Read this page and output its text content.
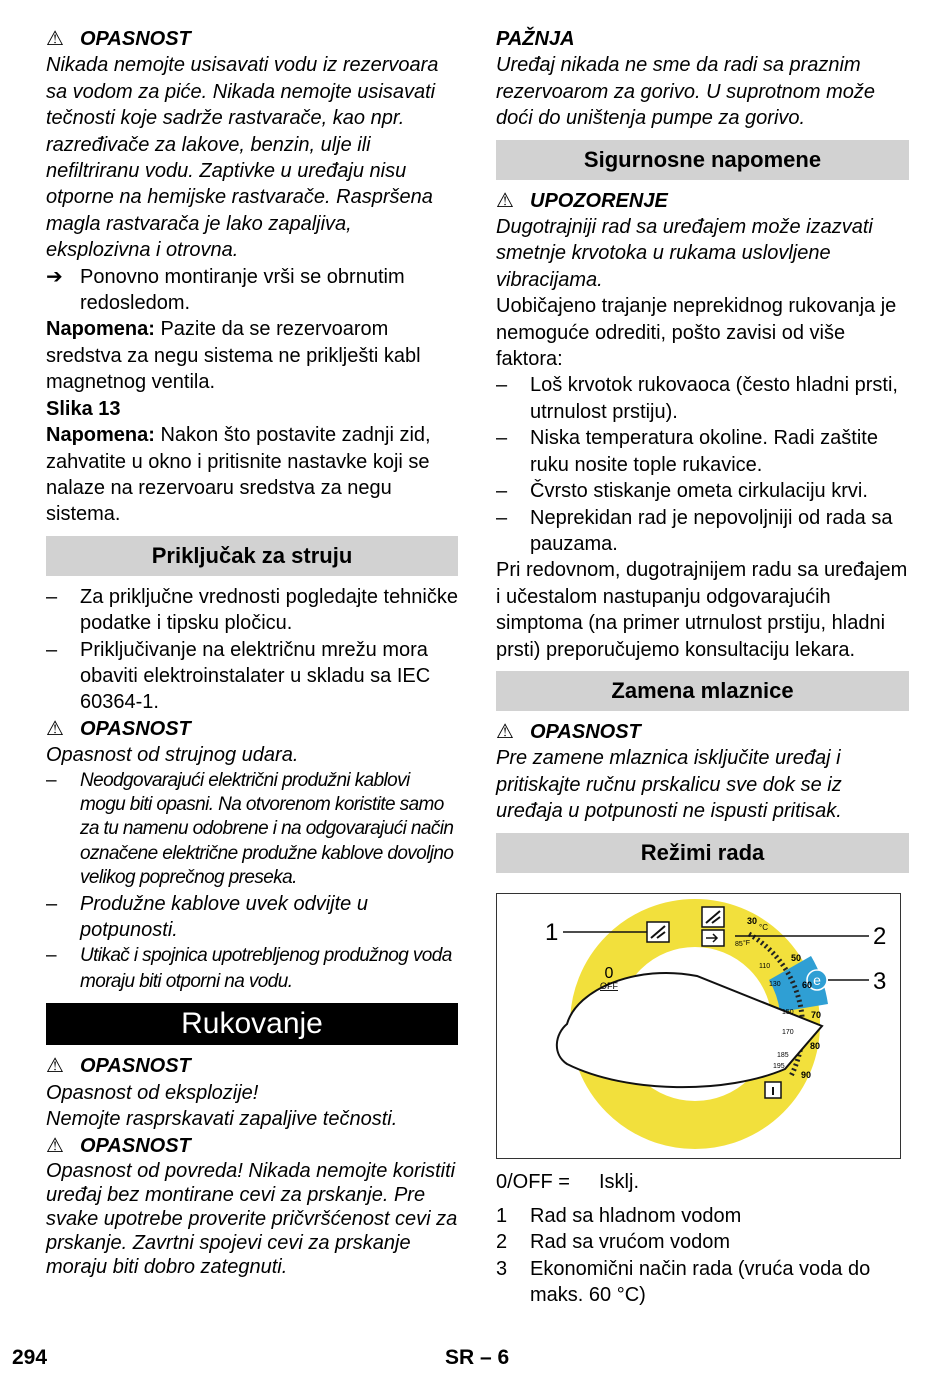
⚠ OPASNOST

Nikada nemojte usisavati vodu iz rezervoara sa vodom za piće. Nikada nemojte usisavati tečnosti koje sadrže rastvarače, kao npr. razređivače za lakove, benzin, ulje ili nefiltriranu vodu. Zaptivke u uređaju nisu otporne na hemijske rastvarače. Raspršena magla rastvarača je lako zapaljiva, eksplozivna i otrovna.

➔ Ponovno montiranje vrši se obrnutim redosledom.

Napomena: Pazite da se rezervoarom sredstva za negu sistema ne priklješti kabl magnetnog ventila.

Slika 13

Napomena: Nakon što postavite zadnji zid, zahvatite u okno i pritisnite nastavke koji se nalaze na rezervoaru sredstva za negu sistema.

Priključak za struju
–	Za priključne vrednosti pogledajte tehničke podatke i tipsku pločicu.
–	Priključivanje na električnu mrežu mora obaviti elektroinstalater u skladu sa IEC 60364-1.

⚠ OPASNOST

Opasnost od strujnog udara.

–	Neodgovarajući električni produžni kablovi mogu biti opasni. Na otvorenom koristite samo za tu namenu odobrene i na odgovarajući način označene električne produžne kablove dovoljno velikog poprečnog preseka.
–	Produžne kablove uvek odvijte u potpunosti.
–	Utikač i spojnica upotrebljenog produžnog voda moraju biti otporni na vodu.
Rukovanje

⚠ OPASNOST

Opasnost od eksplozije!

Nemojte rasprskavati zapaljive tečnosti.

⚠ OPASNOST

Opasnost od povreda! Nikada nemojte koristiti uređaj bez montirane cevi za prskanje. Pre svake upotrebe proverite pričvršćenost cevi za prskanje. Zavrtni spojevi cevi za prskanje moraju biti dobro zategnuti.

PAŽNJA

Uređaj nikada ne sme da radi sa praznim rezervoarom za gorivo. U suprotnom može doći do uništenja pumpe za gorivo.

Sigurnosne napomene

⚠ UPOZORENJE

Dugotrajniji rad sa uređajem može izazvati smetnje krvotoka u rukama uslovljene vibracijama.

Uobičajeno trajanje neprekidnog rukovanja je nemoguće odrediti, pošto zavisi od više faktora:

–	Loš krvotok rukovaoca (često hladni prsti, utrnulost prstiju).
–	Niska temperatura okoline. Radi zaštite ruku nosite tople rukavice.
–	Čvrsto stiskanje ometa cirkulaciju krvi.
–	Neprekidan rad je nepovoljniji od rada sa pauzama.

Pri redovnom, dugotrajnijem radu sa uređajem i učestalom nastupanju odgovarajućih simptoma (na primer utrnulost prstiju, hladni prsti) preporučujemo konsultaciju lekara.

Zamena mlaznice

⚠ OPASNOST

Pre zamene mlaznica isključite uređaj i pritiskajte ručnu prskalicu sve dok se iz uređaja u potpunosti ne ispusti pritisak.

Režimi rada
e
1	2
3
0
OFF
°C
°F
30
50
60
70
80
90
85
110
130
150
170
185
195
0/OFF =	Isklj.
1	Rad sa hladnom vodom
2	Rad sa vrućom vodom
3	Ekonomični način rada (vruća voda do maks. 60 °C)
294	SR – 6
